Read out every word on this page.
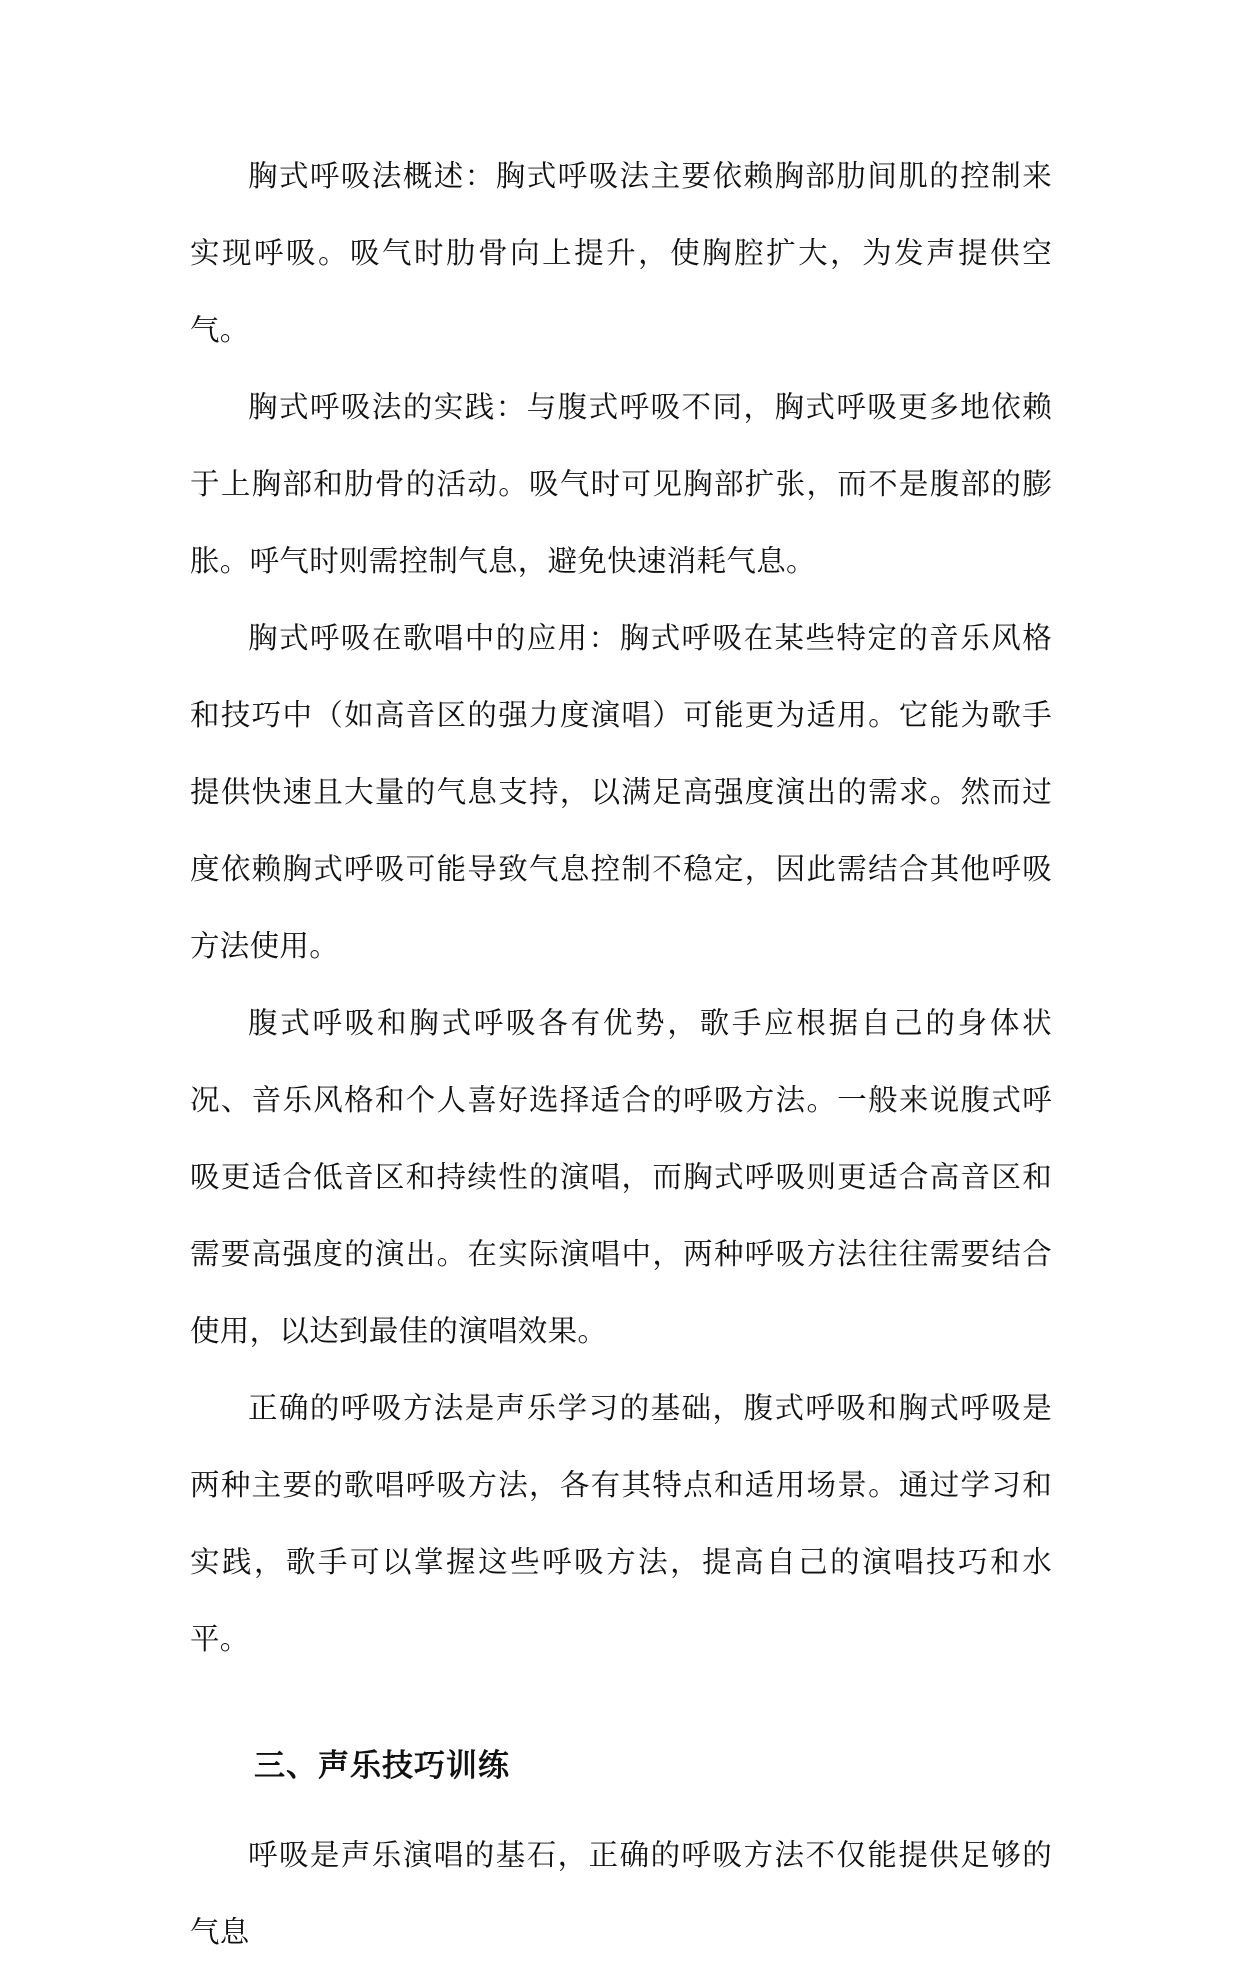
胸式呼吸法概述：胸式呼吸法主要依赖胸部肋间肌的控制来实现呼吸。吸气时肋骨向上提升，使胸腔扩大，为发声提供空气。

胸式呼吸法的实践：与腹式呼吸不同，胸式呼吸更多地依赖于上胸部和肋骨的活动。吸气时可见胸部扩张，而不是腹部的膨胀。呼气时则需控制气息，避免快速消耗气息。

胸式呼吸在歌唱中的应用：胸式呼吸在某些特定的音乐风格和技巧中（如高音区的强力度演唱）可能更为适用。它能为歌手提供快速且大量的气息支持，以满足高强度演出的需求。然而过度依赖胸式呼吸可能导致气息控制不稳定，因此需结合其他呼吸方法使用。

腹式呼吸和胸式呼吸各有优势，歌手应根据自己的身体状况、音乐风格和个人喜好选择适合的呼吸方法。一般来说腹式呼吸更适合低音区和持续性的演唱，而胸式呼吸则更适合高音区和需要高强度的演出。在实际演唱中，两种呼吸方法往往需要结合使用，以达到最佳的演唱效果。

正确的呼吸方法是声乐学习的基础，腹式呼吸和胸式呼吸是两种主要的歌唱呼吸方法，各有其特点和适用场景。通过学习和实践，歌手可以掌握这些呼吸方法，提高自己的演唱技巧和水平。

三、声乐技巧训练

呼吸是声乐演唱的基石，正确的呼吸方法不仅能提供足够的气息
